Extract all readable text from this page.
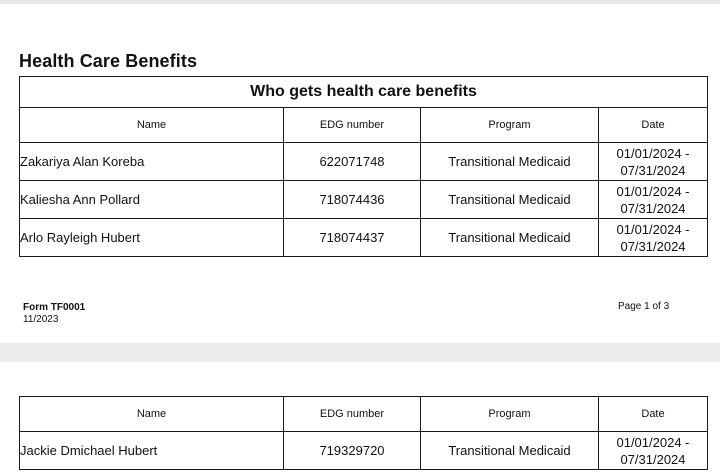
Health Care Benefits
Who gets health care benefits			
Name	EDG number	Program	Date
Zakariya Alan Koreba	622071748	Transitional Medicaid	01/01/2024 -
07/31/2024
Kaliesha Ann Pollard	718074436	Transitional Medicaid	01/01/2024 -
07/31/2024
Arlo Rayleigh Hubert	718074437	Transitional Medicaid	01/01/2024 -
07/31/2024
Form TF0001
11/2023
Page 1 of 3
Name	EDG number	Program	Date
Jackie Dmichael Hubert	719329720	Transitional Medicaid	01/01/2024 -
07/31/2024
